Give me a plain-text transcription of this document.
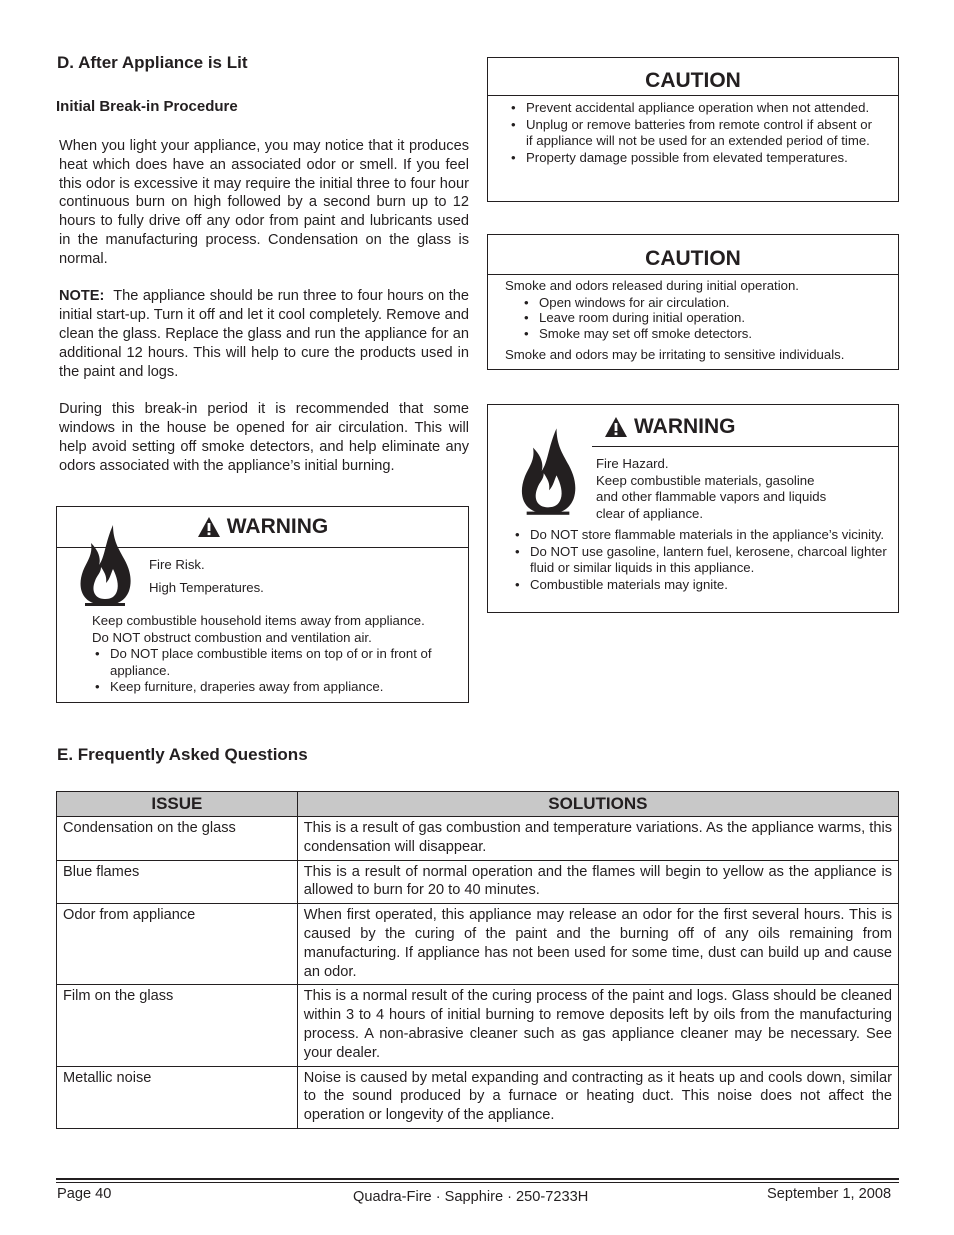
D. After Appliance is Lit
Initial Break-in Procedure

When you light your appliance, you may notice that it produces heat which does have an associated odor or smell. If you feel this odor is excessive it may require the initial three to four hour continuous burn on high followed by a second burn up to 12 hours to fully drive off any odor from paint and lubricants used in the manufacturing process. Condensation on the glass is normal.

NOTE: The appliance should be run three to four hours on the initial start-up. Turn it off and let it cool completely. Remove and clean the glass. Replace the glass and run the appliance for an additional 12 hours. This will help to cure the products used in the paint and logs.

During this break-in period it is recommended that some windows in the house be opened for air circulation. This will help avoid setting off smoke detectors, and help eliminate any odors associated with the appliance’s initial burning.

WARNING
Fire Risk.
High Temperatures.
Keep combustible household items away from appliance.
Do NOT obstruct combustion and ventilation air.
• Do NOT place combustible items on top of or in front of appliance.
• Keep furniture, draperies away from appliance.
CAUTION
• Prevent accidental appliance operation when not attended.
• Unplug or remove batteries from remote control if absent or if appliance will not be used for an extended period of time.
• Property damage possible from elevated temperatures.
CAUTION
Smoke and odors released during initial operation.
• Open windows for air circulation.
• Leave room during initial operation.
• Smoke may set off smoke detectors.
Smoke and odors may be irritating to sensitive individuals.
WARNING
Fire Hazard.
Keep combustible materials, gasoline
and other flammable vapors and liquids
clear of appliance.
• Do NOT store flammable materials in the appliance’s vicinity.
• Do NOT use gasoline, lantern fuel, kerosene, charcoal lighter fluid or similar liquids in this appliance.
• Combustible materials may ignite.
E. Frequently Asked Questions
ISSUE	SOLUTIONS
Condensation on the glass	This is a result of gas combustion and temperature variations. As the appliance warms, this condensation will disappear.
Blue flames	This is a result of normal operation and the flames will begin to yellow as the appliance is allowed to burn for 20 to 40 minutes.
Odor from appliance	When first operated, this appliance may release an odor for the first several hours. This is caused by the curing of the paint and the burning off of any oils remaining from manufacturing. If appliance has not been used for some time, dust can build up and cause an odor.
Film on the glass	This is a normal result of the curing process of the paint and logs. Glass should be cleaned within 3 to 4 hours of initial burning to remove deposits left by oils from the manufacturing process. A non-abrasive cleaner such as gas appliance cleaner may be necessary. See your dealer.
Metallic noise	Noise is caused by metal expanding and contracting as it heats up and cools down, similar to the sound produced by a furnace or heating duct. This noise does not affect the operation or longevity of the appliance.
Page 40	Quadra-Fire · Sapphire · 250-7233H	September 1, 2008
